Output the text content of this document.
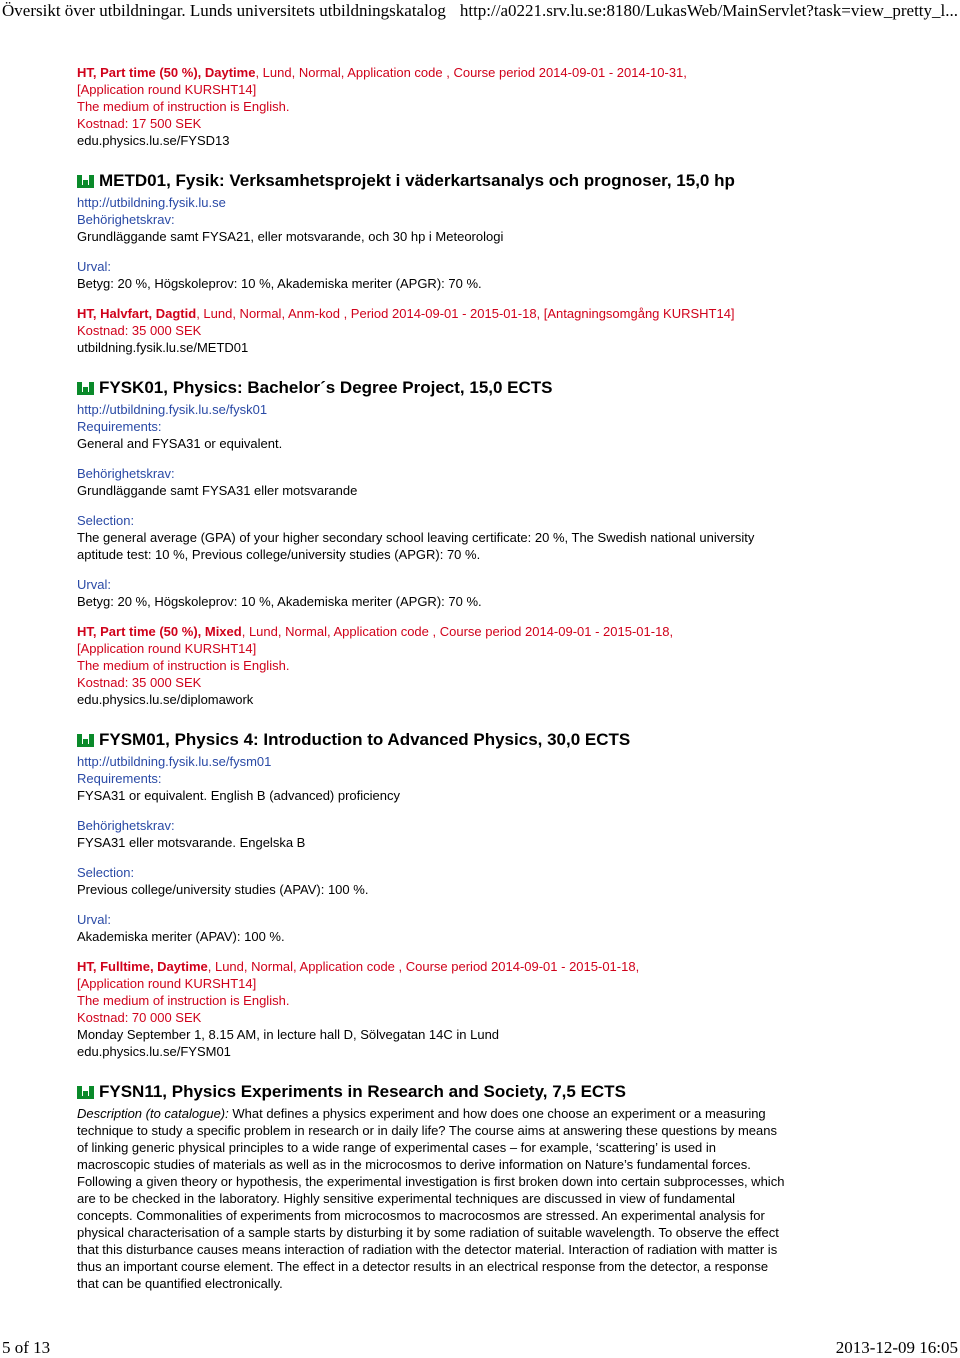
Översikt över utbildningar. Lunds universitets utbildningskatalog http://a0221.srv.lu.se:8180/LukasWeb/MainServlet?task=view_pretty_l...

HT, Part time (50 %), Daytime, Lund, Normal, Application code , Course period 2014-09-01 - 2014-10-31,

[Application round KURSHT14]

The medium of instruction is English.

Kostnad: 17 500 SEK

edu.physics.lu.se/FYSD13

METD01, Fysik: Verksamhetsprojekt i väderkartsanalys och prognoser, 15,0 hp

http://utbildning.fysik.lu.se

Behörighetskrav:

Grundläggande samt FYSA21, eller motsvarande, och 30 hp i Meteorologi

Urval:

Betyg: 20 %, Högskoleprov: 10 %, Akademiska meriter (APGR): 70 %.

HT, Halvfart, Dagtid, Lund, Normal, Anm-kod , Period 2014-09-01 - 2015-01-18, [Antagningsomgång KURSHT14]

Kostnad: 35 000 SEK

utbildning.fysik.lu.se/METD01

FYSK01, Physics: Bachelor´s Degree Project, 15,0 ECTS

http://utbildning.fysik.lu.se/fysk01

Requirements:

General and FYSA31 or equivalent.

Behörighetskrav:

Grundläggande samt FYSA31 eller motsvarande

Selection:

The general average (GPA) of your higher secondary school leaving certificate: 20 %, The Swedish national university

aptitude test: 10 %, Previous college/university studies (APGR): 70 %.

Urval:

Betyg: 20 %, Högskoleprov: 10 %, Akademiska meriter (APGR): 70 %.

HT, Part time (50 %), Mixed, Lund, Normal, Application code , Course period 2014-09-01 - 2015-01-18,

[Application round KURSHT14]

The medium of instruction is English.

Kostnad: 35 000 SEK

edu.physics.lu.se/diplomawork

FYSM01, Physics 4: Introduction to Advanced Physics, 30,0 ECTS

http://utbildning.fysik.lu.se/fysm01

Requirements:

FYSA31 or equivalent. English B (advanced) proficiency

Behörighetskrav:

FYSA31 eller motsvarande. Engelska B

Selection:

Previous college/university studies (APAV): 100 %.

Urval:

Akademiska meriter (APAV): 100 %.

HT, Fulltime, Daytime, Lund, Normal, Application code , Course period 2014-09-01 - 2015-01-18,

[Application round KURSHT14]

The medium of instruction is English.

Kostnad: 70 000 SEK

Monday September 1, 8.15 AM, in lecture hall D, Sölvegatan 14C in Lund

edu.physics.lu.se/FYSM01

FYSN11, Physics Experiments in Research and Society, 7,5 ECTS

Description (to catalogue): What defines a physics experiment and how does one choose an experiment or a measuring

technique to study a specific problem in research or in daily life? The course aims at answering these questions by means

of linking generic physical principles to a wide range of experimental cases – for example, ‘scattering’ is used in

macroscopic studies of materials as well as in the microcosmos to derive information on Nature’s fundamental forces.

Following a given theory or hypothesis, the experimental investigation is first broken down into certain subprocesses, which

are to be checked in the laboratory. Highly sensitive experimental techniques are discussed in view of fundamental

concepts. Commonalities of experiments from microcosmos to macrocosmos are stressed. An experimental analysis for

physical characterisation of a sample starts by disturbing it by some radiation of suitable wavelength. To observe the effect

that this disturbance causes means interaction of radiation with the detector material. Interaction of radiation with matter is

thus an important course element. The effect in a detector results in an electrical response from the detector, a response

that can be quantified electronically.

5 of 13	2013-12-09 16:05
